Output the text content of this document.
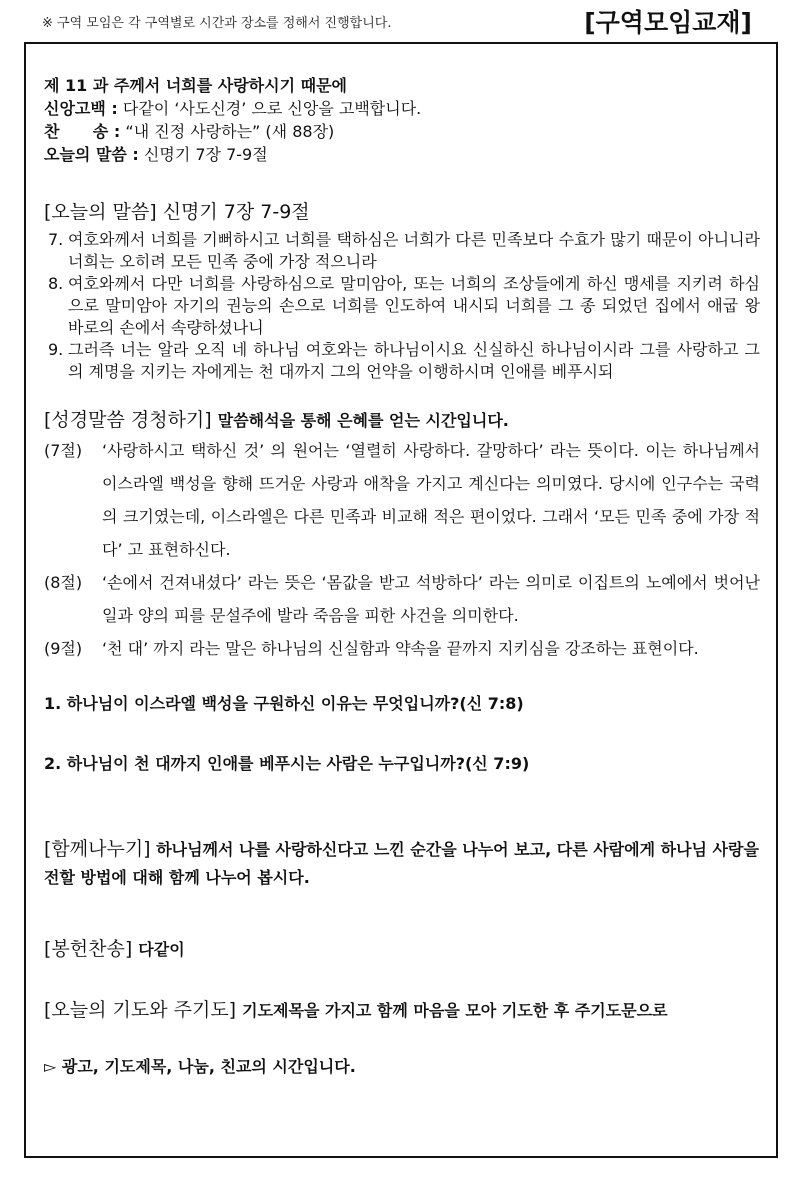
※ 구역 모임은 각 구역별로 시간과 장소를 정해서 진행합니다.	[구역모임교재]
제 11 과 주께서 너희를 사랑하시기 때문에
신앙고백 : 다같이 ‘사도신경’ 으로 신앙을 고백합니다.
찬      송 : “내 진정 사랑하는” (새 88장)
오늘의 말씀 : 신명기 7장 7-9절
[오늘의 말씀] 신명기 7장 7-9절
7. 여호와께서 너희를 기뻐하시고 너희를 택하심은 너희가 다른 민족보다 수효가 많기 때문이 아니니라 너희는 오히려 모든 민족 중에 가장 적으니라
8. 여호와께서 다만 너희를 사랑하심으로 말미암아, 또는 너희의 조상들에게 하신 맹세를 지키려 하심으로 말미암아 자기의 권능의 손으로 너희를 인도하여 내시되 너희를 그 종 되었던 집에서 애굽 왕 바로의 손에서 속량하셨나니
9. 그러즉 너는 알라 오직 네 하나님 여호와는 하나님이시요 신실하신 하나님이시라 그를 사랑하고 그의 계명을 지키는 자에게는 천 대까지 그의 언약을 이행하시며 인애를 베푸시되
[성경말씀 경청하기] 말씀해석을 통해 은혜를 얻는 시간입니다.
(7절) ‘사랑하시고 택하신 것’ 의 원어는 ‘열렬히 사랑하다. 갈망하다’ 라는 뜻이다. 이는 하나님께서 이스라엘 백성을 향해 뜨거운 사랑과 애착을 가지고 계신다는 의미였다. 당시에 인구수는 국력의 크기였는데, 이스라엘은 다른 민족과 비교해 적은 편이었다. 그래서 ‘모든 민족 중에 가장 적다’ 고 표현하신다.
(8절) ‘손에서 건져내셨다’ 라는 뜻은 ‘몸값을 받고 석방하다’ 라는 의미로 이집트의 노예에서 벗어난 일과 양의 피를 문설주에 발라 죽음을 피한 사건을 의미한다.
(9절) ‘천 대’ 까지 라는 말은 하나님의 신실함과 약속을 끝까지 지키심을 강조하는 표현이다.
1. 하나님이 이스라엘 백성을 구원하신 이유는 무엇입니까?(신 7:8)
2. 하나님이 천 대까지 인애를 베푸시는 사람은 누구입니까?(신 7:9)
[함께나누기] 하나님께서 나를 사랑하신다고 느낀 순간을 나누어 보고, 다른 사람에게 하나님 사랑을 전할 방법에 대해 함께 나누어 봅시다.
[봉헌찬송] 다같이
[오늘의 기도와 주기도] 기도제목을 가지고 함께 마음을 모아 기도한 후 주기도문으로
▻ 광고, 기도제목, 나눔, 친교의 시간입니다.
